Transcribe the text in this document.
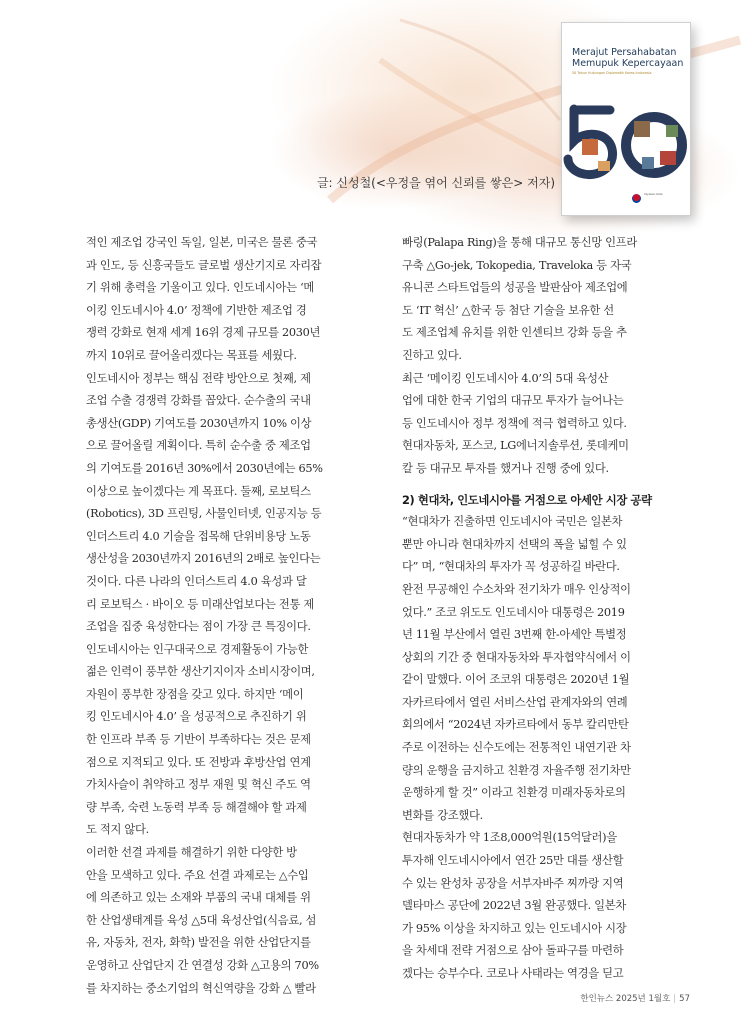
Merajut Persahabatan
Memupuk Kepercayaan
50 Tahun Hubungan Diplomatik Korea-Indonesia
Yayasan Kota
글: 신성철(<우정을 엮어 신뢰를 쌓은> 저자)

적인 제조업 강국인 독일, 일본, 미국은 물론 중국
과 인도, 등 신흥국들도 글로벌 생산기지로 자리잡
기 위해 총력을 기울이고 있다. 인도네시아는 ‘메
이킹 인도네시아 4.0’ 정책에 기반한 제조업 경
쟁력 강화로 현재 세계 16위 경제 규모를 2030년
까지 10위로 끌어올리겠다는 목표를 세웠다.

인도네시아 정부는 핵심 전략 방안으로 첫째, 제
조업 수출 경쟁력 강화를 꼽았다. 순수출의 국내
총생산(GDP) 기여도를 2030년까지 10% 이상
으로 끌어올릴 계획이다. 특히 순수출 중 제조업
의 기여도를 2016년 30%에서 2030년에는 65%
이상으로 높이겠다는 게 목표다. 둘째, 로보틱스
(Robotics), 3D 프린팅, 사물인터넷, 인공지능 등
인더스트리 4.0 기술을 접목해 단위비용당 노동
생산성을 2030년까지 2016년의 2배로 높인다는
것이다. 다른 나라의 인더스트리 4.0 육성과 달
리 로보틱스 · 바이오 등 미래산업보다는 전통 제
조업을 집중 육성한다는 점이 가장 큰 특징이다.

인도네시아는 인구대국으로 경제활동이 가능한
젊은 인력이 풍부한 생산기지이자 소비시장이며,
자원이 풍부한 장점을 갖고 있다. 하지만 ‘메이
킹 인도네시아 4.0’ 을 성공적으로 추진하기 위
한 인프라 부족 등 기반이 부족하다는 것은 문제
점으로 지적되고 있다. 또 전방과 후방산업 연계
가치사슬이 취약하고 정부 재원 및 혁신 주도 역
량 부족, 숙련 노동력 부족 등 해결해야 할 과제
도 적지 않다.

이러한 선결 과제를 해결하기 위한 다양한 방
안을 모색하고 있다. 주요 선결 과제로는 △수입
에 의존하고 있는 소재와 부품의 국내 대체를 위
한 산업생태계를 육성 △5대 육성산업(식음료, 섬
유, 자동차, 전자, 화학) 발전을 위한 산업단지를
운영하고 산업단지 간 연결성 강화 △고용의 70%
를 차지하는 중소기업의 혁신역량을 강화 △ 빨라

빠링(Palapa Ring)을 통해 대규모 통신망 인프라
구축 △Go-jek, Tokopedia, Traveloka 등 자국
유니콘 스타트업들의 성공을 발판삼아 제조업에
도 ‘IT 혁신’ △한국 등 첨단 기술을 보유한 선
도 제조업체 유치를 위한 인센티브 강화 등을 추
진하고 있다.

최근 ‘메이킹 인도네시아 4.0’의 5대 육성산
업에 대한 한국 기업의 대규모 투자가 늘어나는
등 인도네시아 정부 정책에 적극 협력하고 있다.
현대자동차, 포스코, LG에너지솔루션, 롯데케미
칼 등 대규모 투자를 했거나 진행 중에 있다.

2) 현대차, 인도네시아를 거점으로 아세안 시장 공략

“현대차가 진출하면 인도네시아 국민은 일본차
뿐만 아니라 현대차까지 선택의 폭을 넓힐 수 있
다” 며, “현대차의 투자가 꼭 성공하길 바란다.
완전 무공해인 수소차와 전기차가 매우 인상적이
었다.” 조코 위도도 인도네시아 대통령은 2019
년 11월 부산에서 열린 3번째 한-아세안 특별정
상회의 기간 중 현대자동차와 투자협약식에서 이
같이 말했다. 이어 조코위 대통령은 2020년 1월
자카르타에서 열린 서비스산업 관계자와의 연례
회의에서 “2024년 자카르타에서 동부 칼리만탄
주로 이전하는 신수도에는 전통적인 내연기관 차
량의 운행을 금지하고 친환경 자율주행 전기차만
운행하게 할 것” 이라고 친환경 미래자동차로의
변화를 강조했다.

현대자동차가 약 1조8,000억원(15억달러)을
투자해 인도네시아에서 연간 25만 대를 생산할
수 있는 완성차 공장을 서부자바주 찌까랑 지역
델타마스 공단에 2022년 3월 완공했다. 일본차
가 95% 이상을 차지하고 있는 인도네시아 시장
을 차세대 전략 거점으로 삼아 돌파구를 마련하
겠다는 승부수다. 코로나 사태라는 역경을 딛고

한인뉴스 2025년 1월호 | 57
